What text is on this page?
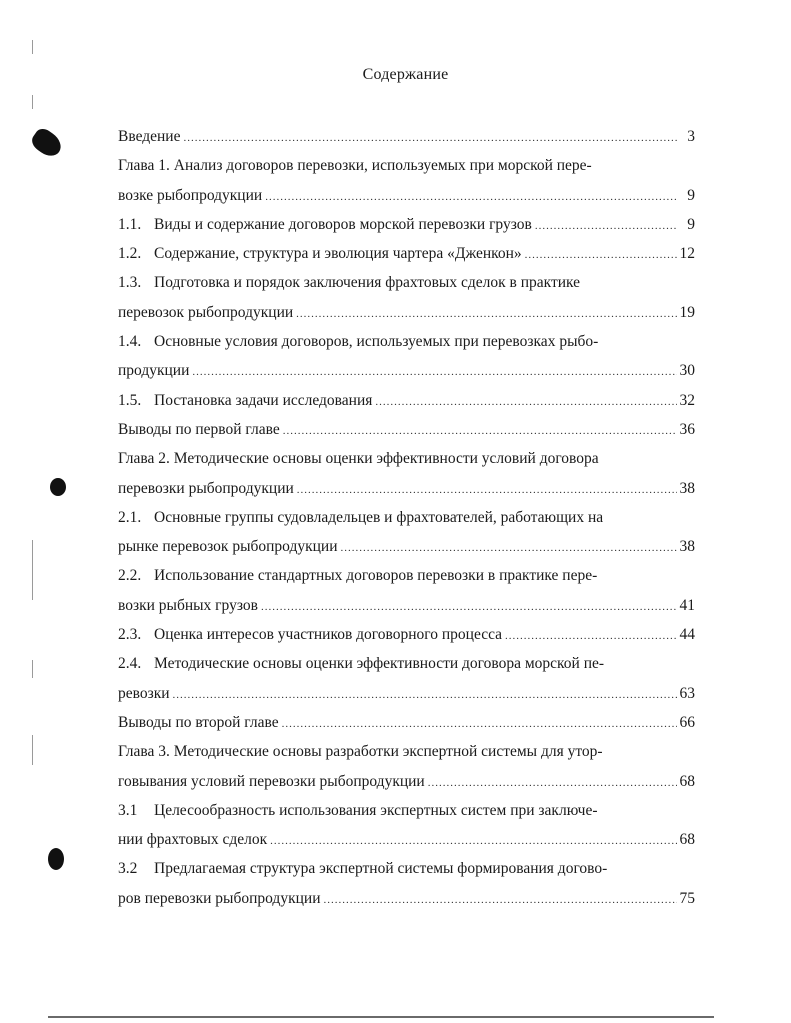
Содержание
Введение .....	3
Глава 1. Анализ договоров перевозки, используемых при морской пере-
возке рыбопродукции .....	9
1.1. Виды и содержание договоров морской перевозки грузов .....	9
1.2. Содержание, структура и эволюция чартера «Дженкон» .....	12
1.3. Подготовка и порядок заключения фрахтовых сделок в практике
перевозок рыбопродукции .....	19
1.4. Основные условия договоров, используемых при перевозках рыбо-
продукции .....	30
1.5. Постановка задачи исследования .....	32
Выводы по первой главе .....	36
Глава 2. Методические основы оценки эффективности условий договора
перевозки рыбопродукции .....	38
2.1. Основные группы судовладельцев и фрахтователей, работающих на
рынке перевозок рыбопродукции .....	38
2.2. Использование стандартных договоров перевозки в практике пере-
возки рыбных грузов .....	41
2.3. Оценка интересов участников договорного процесса .....	44
2.4. Методические основы оценки эффективности договора морской пе-
ревозки .....	63
Выводы по второй главе .....	66
Глава 3. Методические основы разработки экспертной системы для утор-
говывания условий перевозки рыбопродукции .....	68
3.1 Целесообразность использования экспертных систем при заключе-
нии фрахтовых сделок .....	68
3.2 Предлагаемая структура экспертной системы формирования догово-
ров перевозки рыбопродукции .....	75
